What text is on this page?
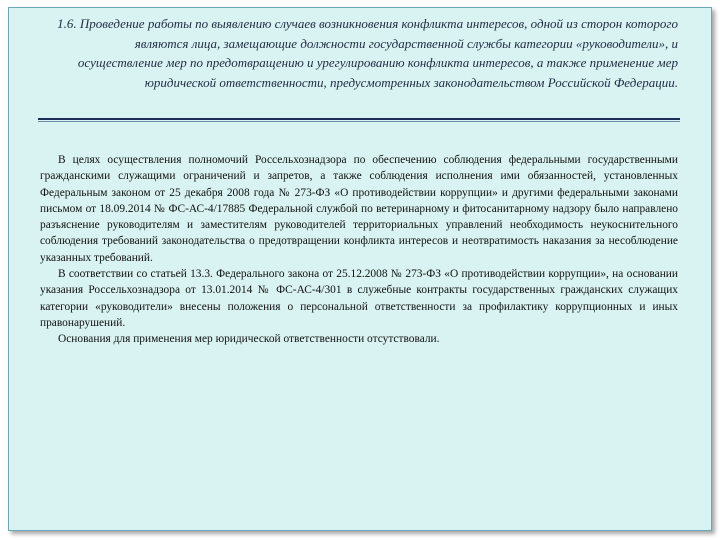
1.6. Проведение работы по выявлению случаев возникновения конфликта интересов, одной из сторон которого являются лица, замещающие должности государственной службы категории «руководители», и осуществление мер по предотвращению и урегулированию конфликта интересов, а также применение мер юридической ответственности, предусмотренных законодательством Российской Федерации.

В целях осуществления полномочий Россельхознадзора по обеспечению соблюдения федеральными государственными гражданскими служащими ограничений и запретов, а также соблюдения исполнения ими обязанностей, установленных Федеральным законом от 25 декабря 2008 года № 273-ФЗ «О противодействии коррупции» и другими федеральными законами письмом от 18.09.2014 № ФС-АС-4/17885 Федеральной службой по ветеринарному и фитосанитарному надзору было направлено разъяснение руководителям и заместителям руководителей территориальных управлений необходимость неукоснительного соблюдения требований законодательства о предотвращении конфликта интересов и неотвратимость наказания за несоблюдение указанных требований.

В соответствии со статьей 13.3. Федерального закона от 25.12.2008 № 273-ФЗ «О противодействии коррупции», на основании указания Россельхознадзора от 13.01.2014 № ФС-АС-4/301 в служебные контракты государственных гражданских служащих категории «руководители» внесены положения о персональной ответственности за профилактику коррупционных и иных правонарушений.

Основания для применения мер юридической ответственности отсутствовали.
